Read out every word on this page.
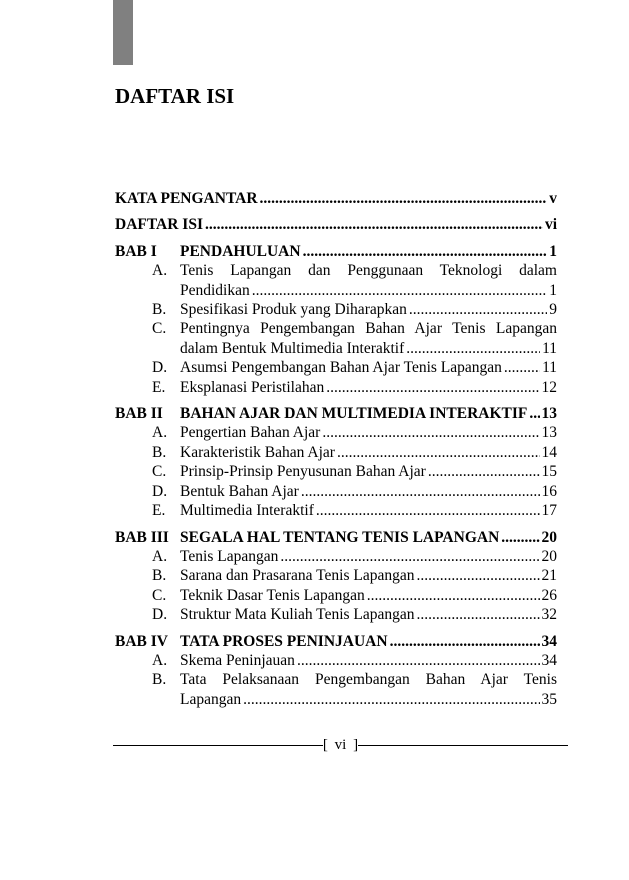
DAFTAR ISI
KATA PENGANTAR .....	v
DAFTAR ISI .....	vi
BAB I	PENDAHULUAN .....	1
A. Tenis Lapangan dan Penggunaan Teknologi dalam
Pendidikan .....	1
B. Spesifikasi Produk yang Diharapkan .....	9
C. Pentingnya Pengembangan Bahan Ajar Tenis Lapangan
dalam Bentuk Multimedia Interaktif .....	11
D. Asumsi Pengembangan Bahan Ajar Tenis Lapangan .....	11
E. Eksplanasi Peristilahan .....	12
BAB II	BAHAN AJAR DAN MULTIMEDIA INTERAKTIF ..... 13
A. Pengertian Bahan Ajar .....	13
B. Karakteristik Bahan Ajar .....	14
C. Prinsip-Prinsip Penyusunan Bahan Ajar .....	15
D. Bentuk Bahan Ajar .....	16
E. Multimedia Interaktif .....	17
BAB III SEGALA HAL TENTANG TENIS LAPANGAN .....	20
A. Tenis Lapangan .....	20
B. Sarana dan Prasarana Tenis Lapangan .....	21
C. Teknik Dasar Tenis Lapangan .....	26
D. Struktur Mata Kuliah Tenis Lapangan .....	32
BAB IV TATA PROSES PENINJAUAN .....	34
A. Skema Peninjauan .....	34
B. Tata Pelaksanaan Pengembangan Bahan Ajar Tenis
Lapangan .....	35
[ vi ]
